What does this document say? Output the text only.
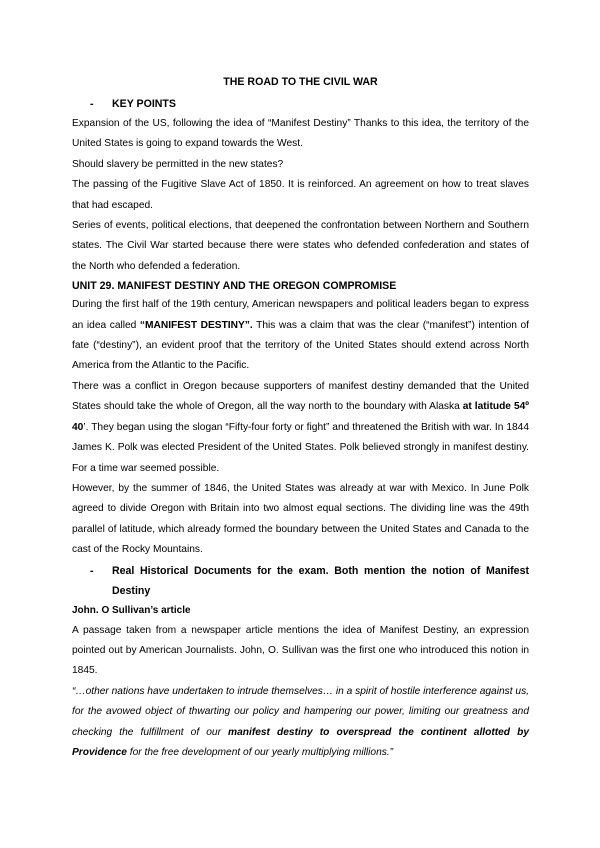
THE ROAD TO THE CIVIL WAR
-	KEY POINTS

Expansion of the US, following the idea of “Manifest Destiny” Thanks to this idea, the territory of the United States is going to expand towards the West.

Should slavery be permitted in the new states?

The passing of the Fugitive Slave Act of 1850. It is reinforced. An agreement on how to treat slaves that had escaped.

Series of events, political elections, that deepened the confrontation between Northern and Southern states. The Civil War started because there were states who defended confederation and states of the North who defended a federation.

UNIT 29. MANIFEST DESTINY AND THE OREGON COMPROMISE

During the first half of the 19th century, American newspapers and political leaders began to express an idea called “MANIFEST DESTINY”. This was a claim that was the clear (“manifest”) intention of fate (“destiny”), an evident proof that the territory of the United States should extend across North America from the Atlantic to the Pacific.

There was a conflict in Oregon because supporters of manifest destiny demanded that the United States should take the whole of Oregon, all the way north to the boundary with Alaska at latitude 54º 40’. They began using the slogan “Fifty-four forty or fight” and threatened the British with war. In 1844 James K. Polk was elected President of the United States. Polk believed strongly in manifest destiny. For a time war seemed possible.

However, by the summer of 1846, the United States was already at war with Mexico. In June Polk agreed to divide Oregon with Britain into two almost equal sections. The dividing line was the 49th parallel of latitude, which already formed the boundary between the United States and Canada to the cast of the Rocky Mountains.

-	Real Historical Documents for the exam. Both mention the notion of Manifest Destiny
John. O Sullivan’s article

A passage taken from a newspaper article mentions the idea of Manifest Destiny, an expression pointed out by American Journalists. John, O. Sullivan was the first one who introduced this notion in 1845.

“…other nations have undertaken to intrude themselves… in a spirit of hostile interference against us, for the avowed object of thwarting our policy and hampering our power, limiting our greatness and checking the fulfillment of our manifest destiny to overspread the continent allotted by Providence for the free development of our yearly multiplying millions.”
